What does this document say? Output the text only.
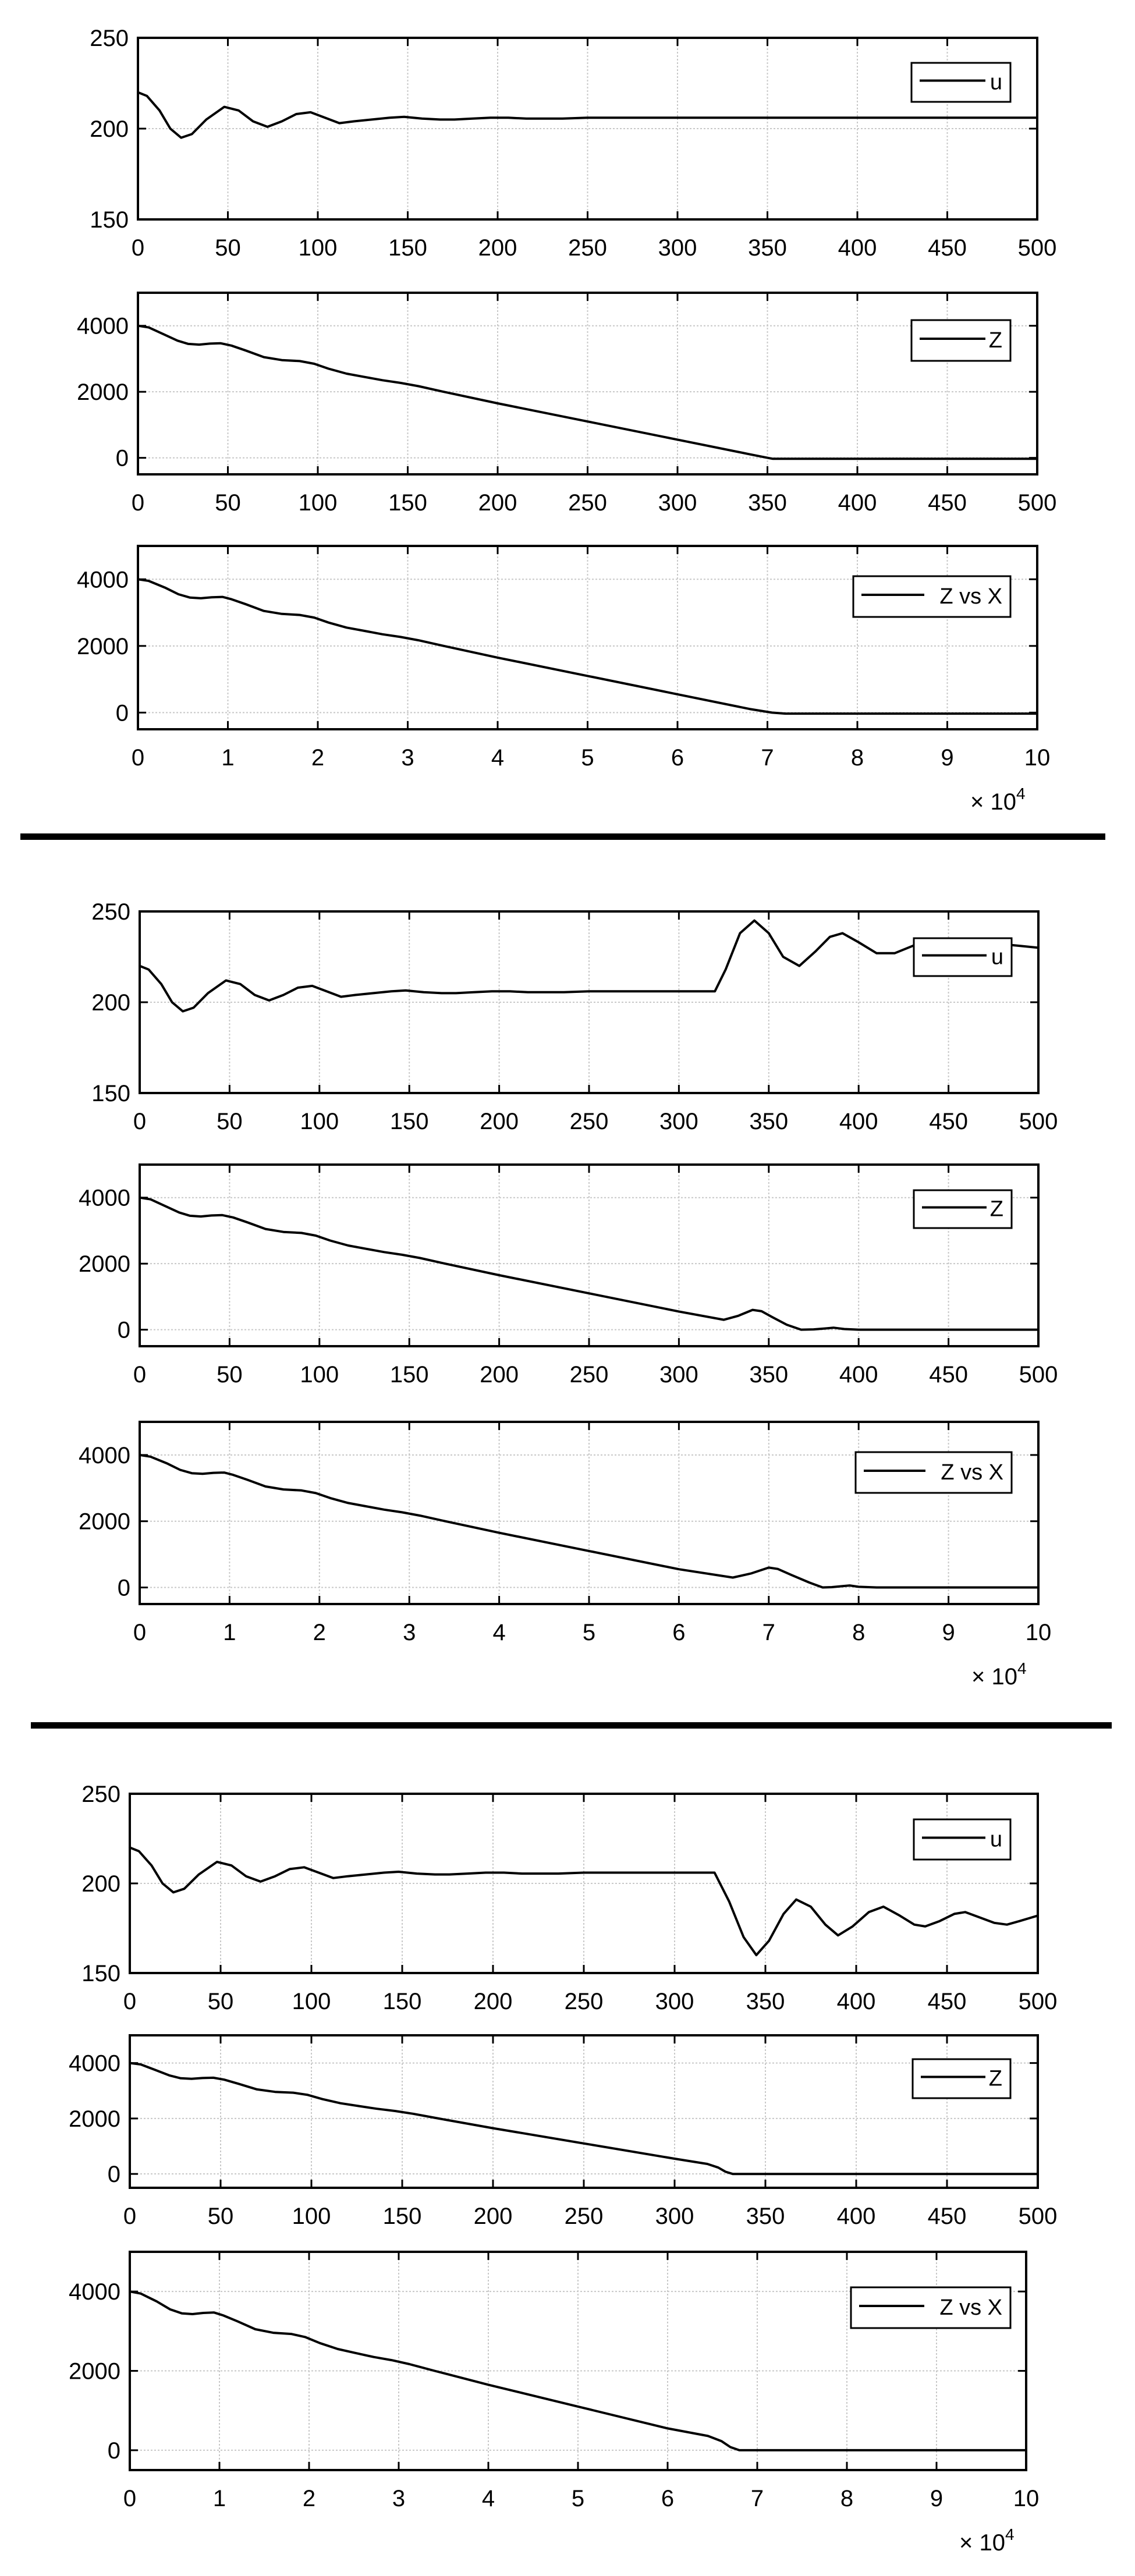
0	50 100 150 200 250 300 350 400 450 500
150
200
250
u
0	50 100 150 200 250 300 350 400 450 500
0
2000
4000
Z
0	1	2	3	4	5	6	7	8	9	10
0
2000
4000
Z vs X
× $10^4$
0	50 100 150 200 250 300 350 400 450 500
150
200
250
u
0	50 100 150 200 250 300 350 400 450 500
0
2000
4000	Z
0	1	2	3	4	5	6	7	8	9	10
0
2000
4000
Z vs X
× $10^4$
0	50	100 150 200 250 300 350 400 450 500
150
200
250
u
0	50	100 150 200 250 300 350 400 450 500
0
2000
4000
Z
0	1	2	3	4	5	6	7	8	9	10
0
2000
4000
Z vs X
× $10^4$
